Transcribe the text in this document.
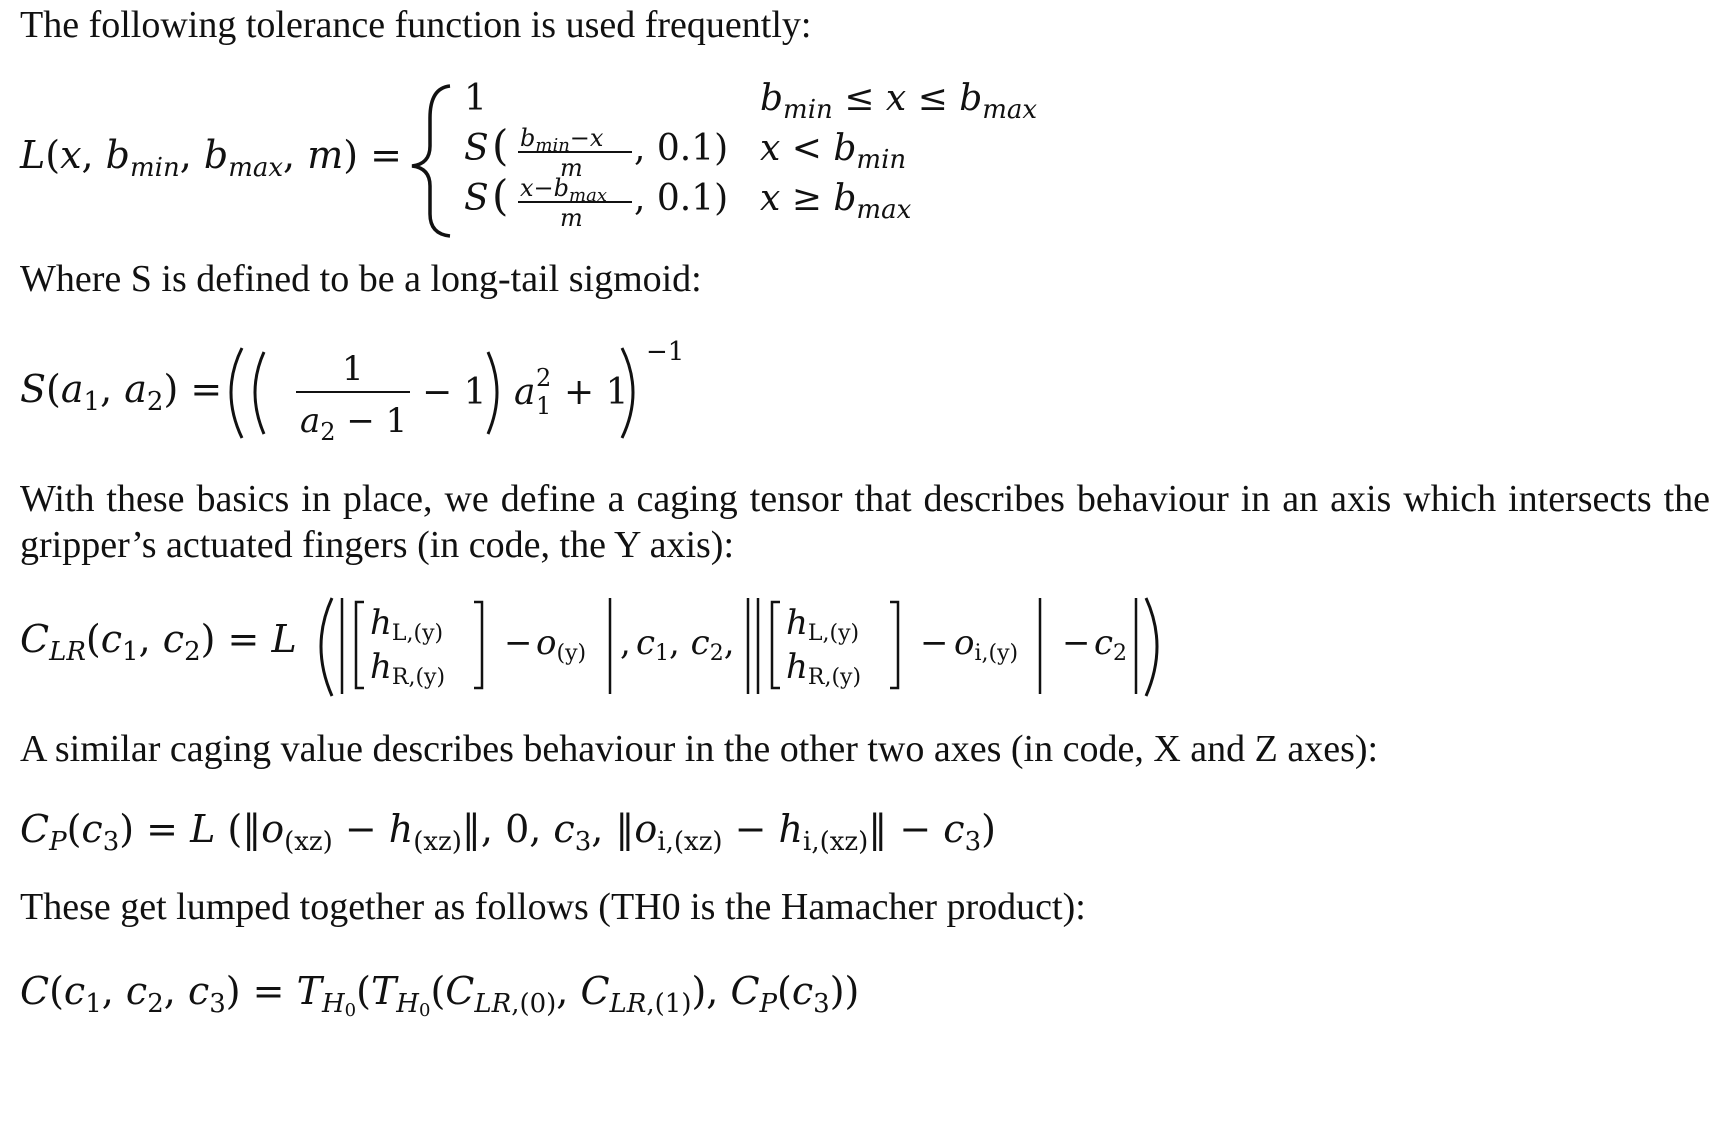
The following tolerance function is used frequently:

L(x, $b_{min}$, $b_{max}$, m) =
1
S ( $b_{min}-x$
m , 0.1)
S ( $x-b_{max}$
m , 0.1)
$b_{min} \le x \le b_{max}$
$x < b_{min}$
$x \ge b_{max}$

Where S is defined to be a long-tail sigmoid:

$S(a_1$, $a_2$) =	1
$a_2 - 1$
− 1 a 2
1 + 1
−1

With these basics in place, we define a caging tensor that describes behaviour in an axis which intersects the gripper’s actuated fingers (in code, the Y axis):

$C_{LR}(c_1$, $c_2) = L$ hL,(y)
hR,(y)
− o(y) , c1, c2, hL,(y)
hR,(y)
− oi,(y) − c2

A similar caging value describes behaviour in the other two axes (in code, X and Z axes):

$C_P(c_3) = L$ ($‖o_{(xz)}$ − $h_{(xz)}‖$, 0, $c_3$, $‖o_{i,(xz)}$ − $h_{i,(xz)}‖ - c_3$)

These get lumped together as follows (TH0 is the Hamacher product):

$C(c_1$, $c_2$, $c_3) = T_{H0}(T_{H0}(C_{LR,(0)}$, $C_{LR,(1)}$), $C_P(c_3)$)
